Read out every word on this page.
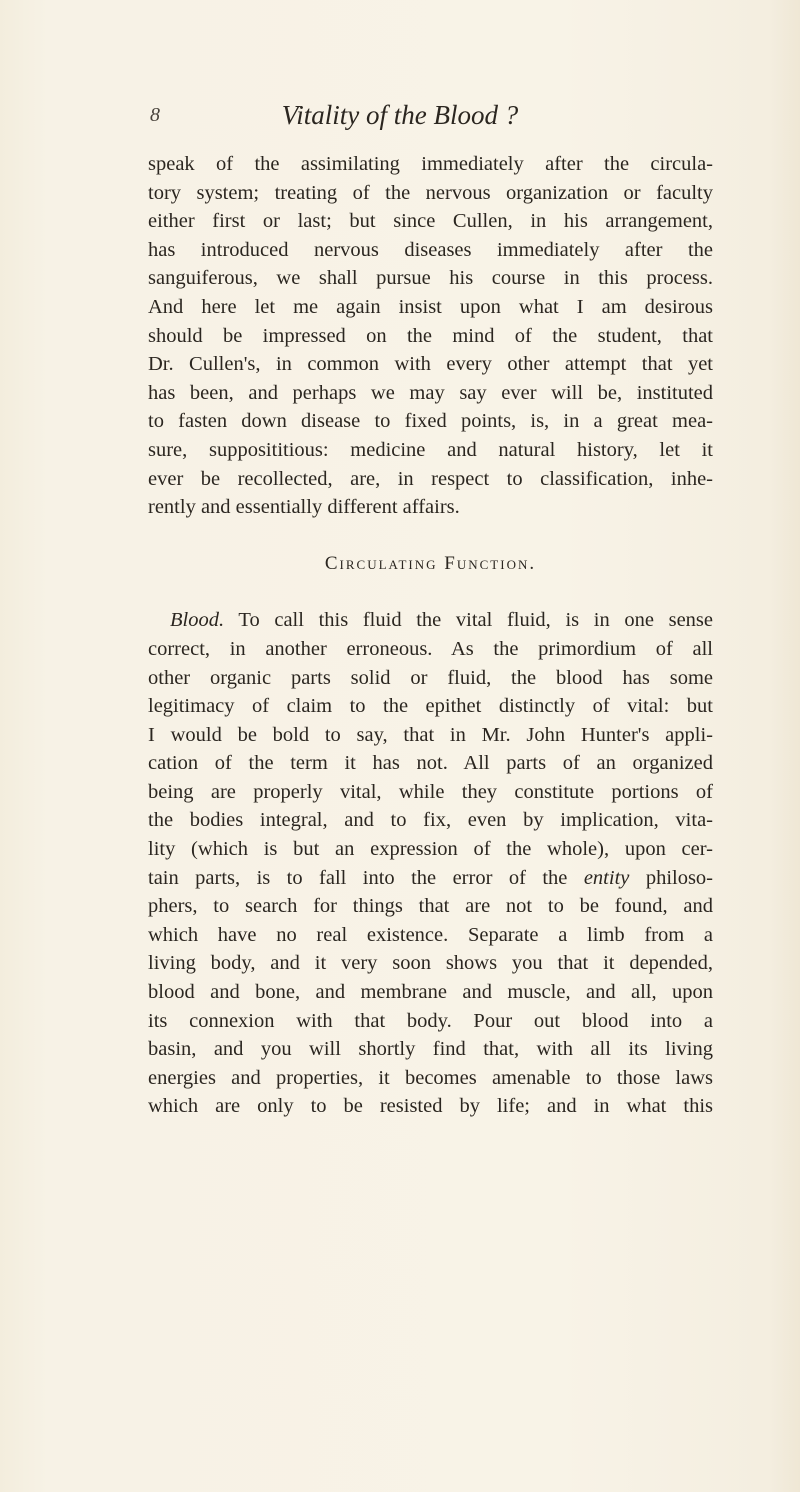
8	Vitality of the Blood ?
speak of the assimilating immediately after the circula-
tory system; treating of the nervous organization or faculty
either first or last; but since Cullen, in his arrangement,
has introduced nervous diseases immediately after the
sanguiferous, we shall pursue his course in this process.
And here let me again insist upon what I am desirous
should be impressed on the mind of the student, that
Dr. Cullen's, in common with every other attempt that yet
has been, and perhaps we may say ever will be, instituted
to fasten down disease to fixed points, is, in a great mea-
sure, supposititious: medicine and natural history, let it
ever be recollected, are, in respect to classification, inhe-
rently and essentially different affairs.
Circulating Function.
Blood. To call this fluid the vital fluid, is in one sense
correct, in another erroneous. As the primordium of all
other organic parts solid or fluid, the blood has some
legitimacy of claim to the epithet distinctly of vital: but
I would be bold to say, that in Mr. John Hunter's appli-
cation of the term it has not. All parts of an organized
being are properly vital, while they constitute portions of
the bodies integral, and to fix, even by implication, vita-
lity (which is but an expression of the whole), upon cer-
tain parts, is to fall into the error of the entity philoso-
phers, to search for things that are not to be found, and
which have no real existence. Separate a limb from a
living body, and it very soon shows you that it depended,
blood and bone, and membrane and muscle, and all, upon
its connexion with that body. Pour out blood into a
basin, and you will shortly find that, with all its living
energies and properties, it becomes amenable to those laws
which are only to be resisted by life; and in what this
